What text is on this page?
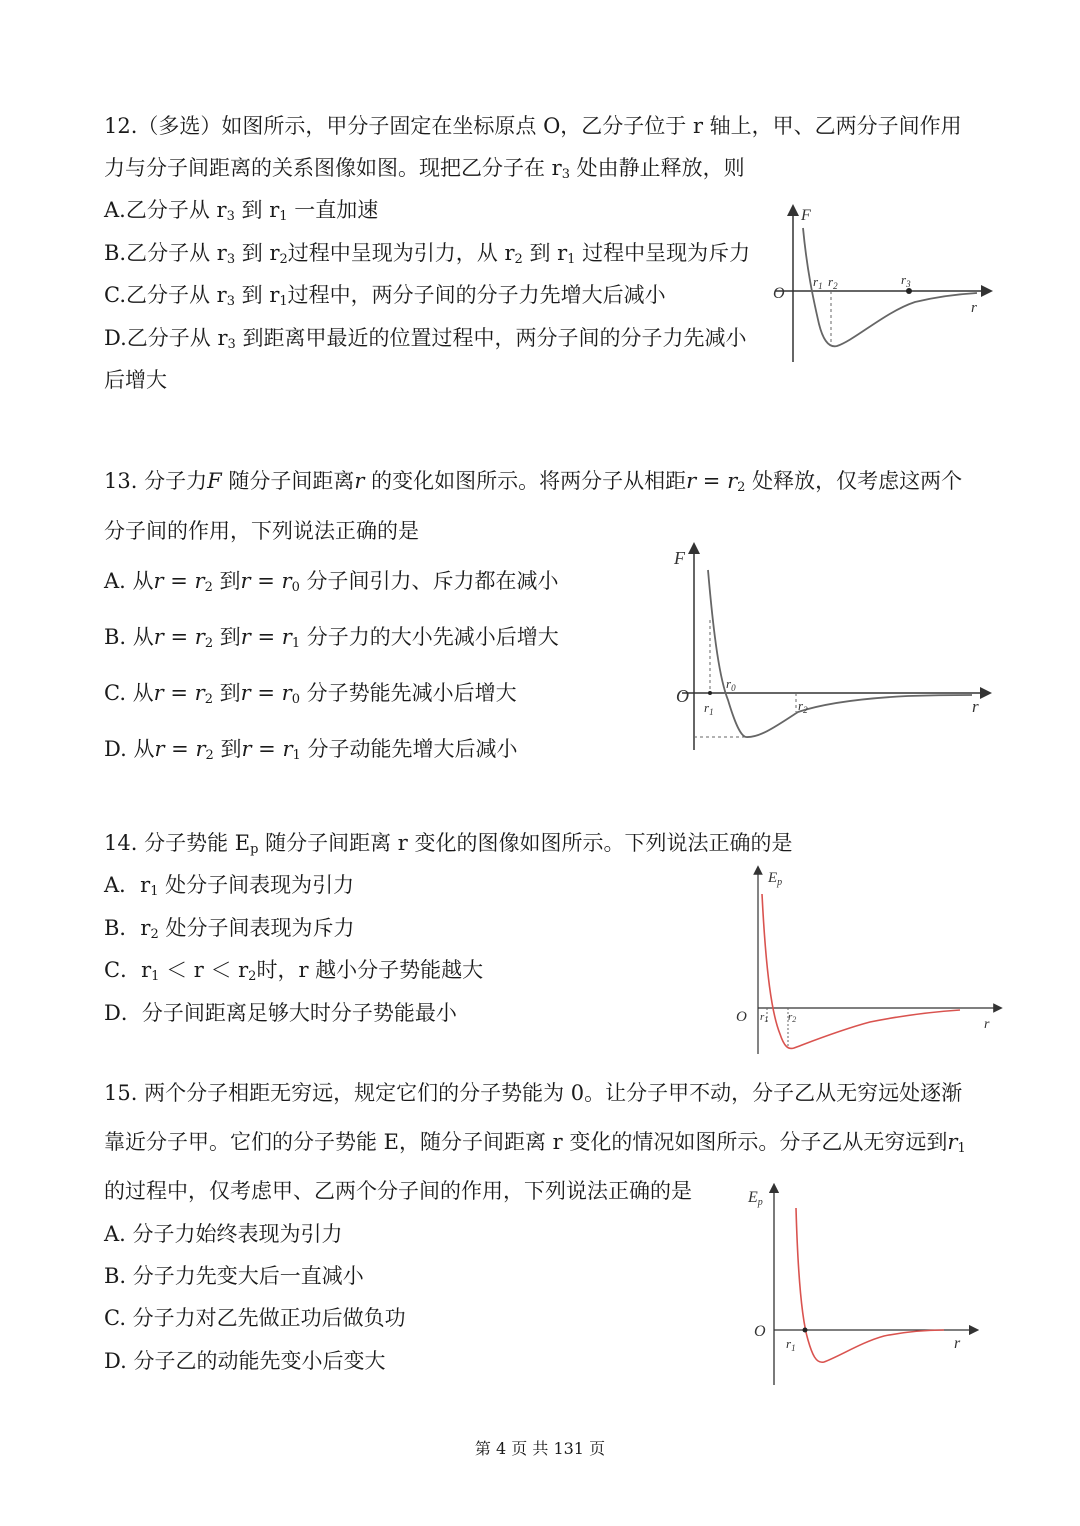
12.（多选）如图所示，甲分子固定在坐标原点 O，乙分子位于 r 轴上，甲、乙两分子间作用
力与分子间距离的关系图像如图。现把乙分子在 $r_3$ 处由静止释放，则
A.乙分子从 $r_3$ 到 $r_1$ 一直加速
B.乙分子从 $r_3$ 到 $r_2$过程中呈现为引力，从 $r_2$ 到 $r_1$ 过程中呈现为斥力
C.乙分子从 $r_3$ 到 $r_1$过程中，两分子间的分子力先增大后减小
D.乙分子从 $r_3$ 到距离甲最近的位置过程中，两分子间的分子力先减小
后增大
F
O
r
$r_1$ $r_2$	$r_3$
13. 分子力F 随分子间距离r 的变化如图所示。将两分子从相距$r = r_2$ 处释放，仅考虑这两个
分子间的作用，下列说法正确的是
A. 从$r = r_2$ 到$r = r_0$ 分子间引力、斥力都在减小
B. 从$r = r_2$ 到$r = r_1$ 分子力的大小先减小后增大
C. 从$r = r_2$ 到$r = r_0$ 分子势能先减小后增大
D. 从$r = r_2$ 到$r = r_1$ 分子动能先增大后减小
F
O
r
$r_0$
$r_1$	$r_2$
14. 分子势能 $E_p$ 随分子间距离 r 变化的图像如图所示。下列说法正确的是
A．$r_1$ 处分子间表现为引力
B．$r_2$ 处分子间表现为斥力
C．$r_1 < r < r_2$时，r 越小分子势能越大
D．分子间距离足够大时分子势能最小
$E_p$
O	r
r1 r2
15. 两个分子相距无穷远，规定它们的分子势能为 0。让分子甲不动，分子乙从无穷远处逐渐
靠近分子甲。它们的分子势能 E，随分子间距离 r 变化的情况如图所示。分子乙从无穷远到$r_1$
的过程中，仅考虑甲、乙两个分子间的作用，下列说法正确的是
A. 分子力始终表现为引力
B. 分子力先变大后一直减小
C. 分子力对乙先做正功后做负功
D. 分子乙的动能先变小后变大
Ep
O
r
$r_1$
第 4 页 共 131 页
